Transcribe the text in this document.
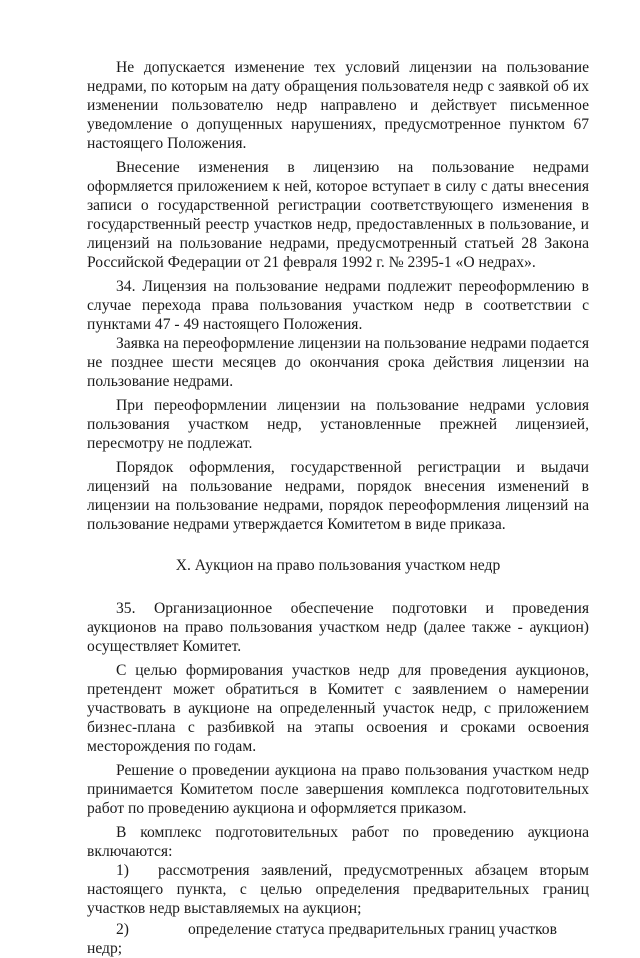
Не допускается изменение тех условий лицензии на пользование недрами, по которым на дату обращения пользователя недр с заявкой об их изменении пользователю недр направлено и действует письменное уведомление о допущенных нарушениях, предусмотренное пунктом 67 настоящего Положения.

Внесение изменения в лицензию на пользование недрами оформляется приложением к ней, которое вступает в силу с даты внесения записи о государственной регистрации соответствующего изменения в государственный реестр участков недр, предоставленных в пользование, и лицензий на пользование недрами, предусмотренный статьей 28 Закона Российской Федерации от 21 февраля 1992 г. № 2395-1 «О недрах».

34. Лицензия на пользование недрами подлежит переоформлению в случае перехода права пользования участком недр в соответствии с пунктами 47 - 49 настоящего Положения.

Заявка на переоформление лицензии на пользование недрами подается не позднее шести месяцев до окончания срока действия лицензии на пользование недрами.

При переоформлении лицензии на пользование недрами условия пользования участком недр, установленные прежней лицензией, пересмотру не подлежат.

Порядок оформления, государственной регистрации и выдачи лицензий на пользование недрами, порядок внесения изменений в лицензии на пользование недрами, порядок переоформления лицензий на пользование недрами утверждается Комитетом в виде приказа.

X. Аукцион на право пользования участком недр

35. Организационное обеспечение подготовки и проведения аукционов на право пользования участком недр (далее также - аукцион) осуществляет Комитет.

С целью формирования участков недр для проведения аукционов, претендент может обратиться в Комитет с заявлением о намерении участвовать в аукционе на определенный участок недр, с приложением бизнес-плана с разбивкой на этапы освоения и сроками освоения месторождения по годам.

Решение о проведении аукциона на право пользования участком недр принимается Комитетом после завершения комплекса подготовительных работ по проведению аукциона и оформляется приказом.

В комплекс подготовительных работ по проведению аукциона включаются:

1) рассмотрения заявлений, предусмотренных абзацем вторым настоящего пункта, с целью определения предварительных границ участков недр выставляемых на аукцион;

2)	определение статуса предварительных границ участков недр;
